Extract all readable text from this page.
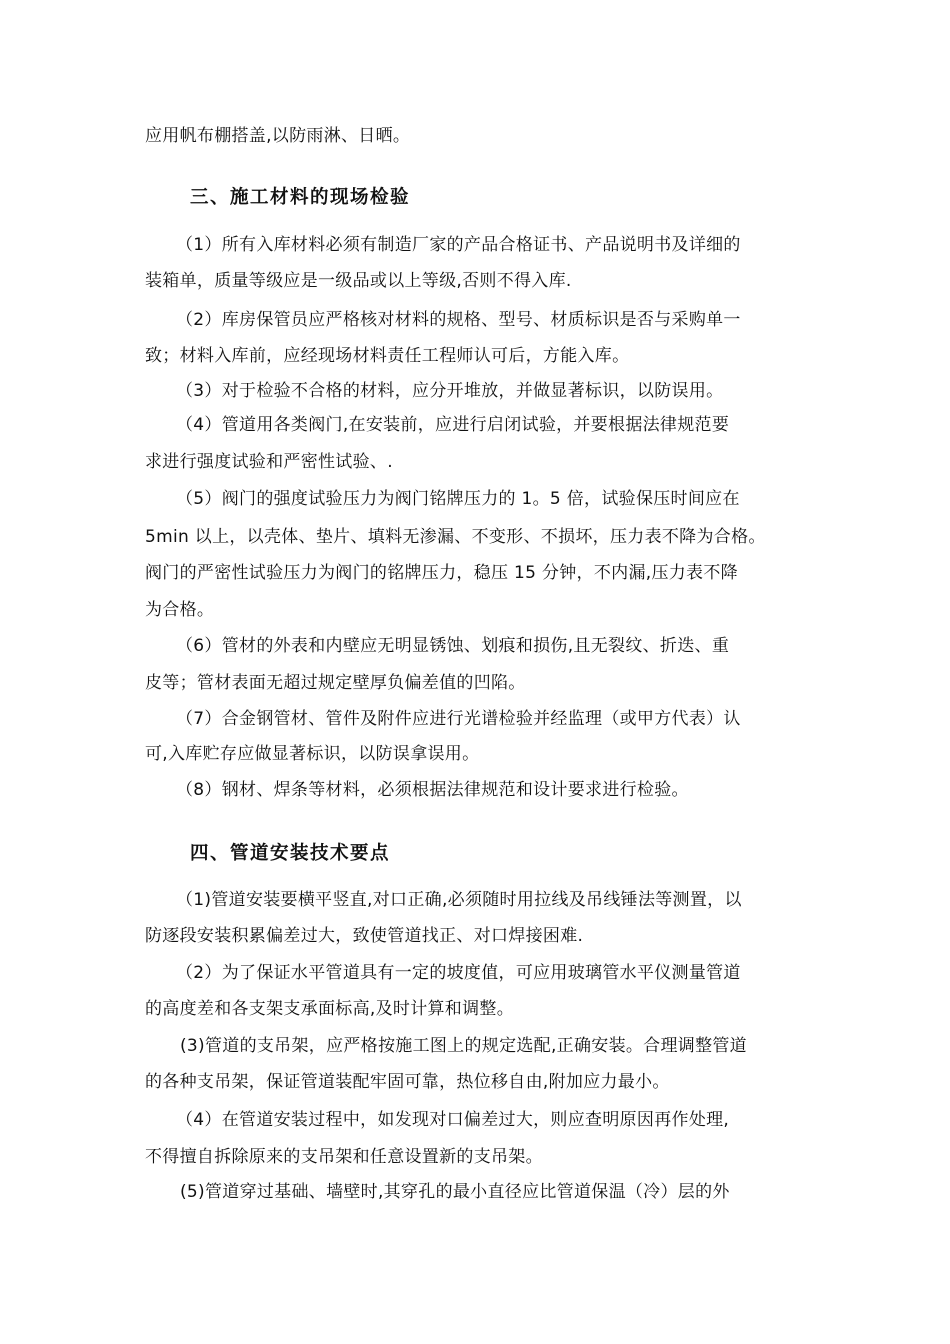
应用帆布棚搭盖,以防雨淋、日晒。
三、施工材料的现场检验
（1）所有入库材料必须有制造厂家的产品合格证书、产品说明书及详细的
装箱单，质量等级应是一级品或以上等级,否则不得入库.
（2）库房保管员应严格核对材料的规格、型号、材质标识是否与采购单一
致；材料入库前，应经现场材料责任工程师认可后，方能入库。
（3）对于检验不合格的材料，应分开堆放，并做显著标识，以防误用。
（4）管道用各类阀门,在安装前，应进行启闭试验，并要根据法律规范要
求进行强度试验和严密性试验、.
（5）阀门的强度试验压力为阀门铭牌压力的 1。5 倍，试验保压时间应在
5min 以上，以壳体、垫片、填料无渗漏、不变形、不损坏，压力表不降为合格。
阀门的严密性试验压力为阀门的铭牌压力，稳压 15 分钟，不内漏,压力表不降
为合格。
（6）管材的外表和内壁应无明显锈蚀、划痕和损伤,且无裂纹、折迭、重
皮等；管材表面无超过规定壁厚负偏差值的凹陷。
（7）合金钢管材、管件及附件应进行光谱检验并经监理（或甲方代表）认
可,入库贮存应做显著标识，以防误拿误用。
（8）钢材、焊条等材料，必须根据法律规范和设计要求进行检验。
四、管道安装技术要点
（1)管道安装要横平竖直,对口正确,必须随时用拉线及吊线锤法等测置，以
防逐段安装积累偏差过大，致使管道找正、对口焊接困难.
（2）为了保证水平管道具有一定的坡度值，可应用玻璃管水平仪测量管道
的高度差和各支架支承面标高,及时计算和调整。
(3)管道的支吊架，应严格按施工图上的规定选配,正确安装。合理调整管道
的各种支吊架，保证管道装配牢固可靠，热位移自由,附加应力最小。
（4）在管道安装过程中，如发现对口偏差过大，则应查明原因再作处理,
不得擅自拆除原来的支吊架和任意设置新的支吊架。
(5)管道穿过基础、墙壁时,其穿孔的最小直径应比管道保温（冷）层的外
